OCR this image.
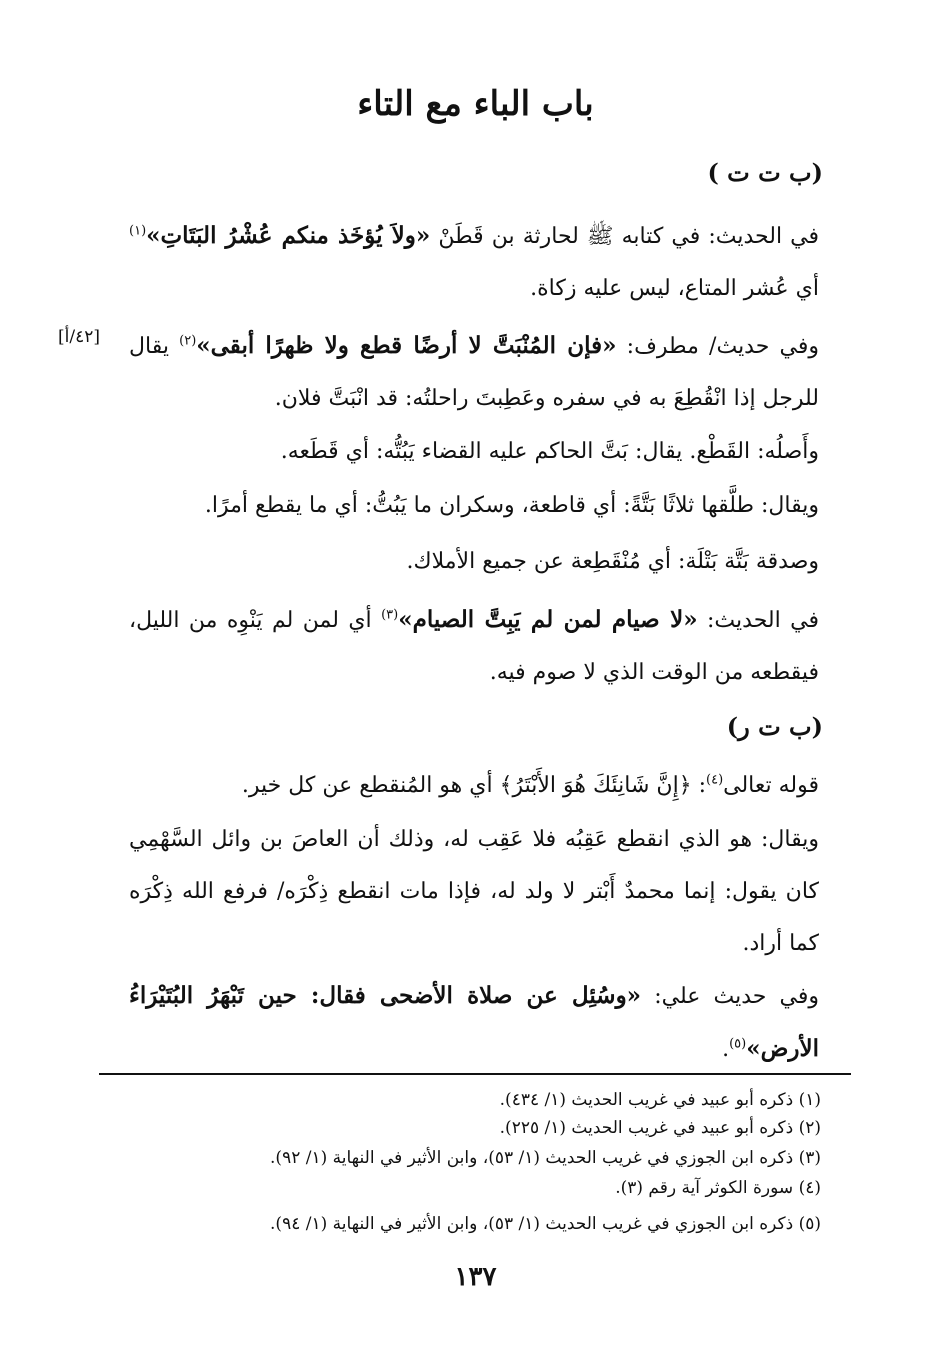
باب الباء مع التاء
(ب ت ت )
في الحديث: في كتابه ﷺ لحارثة بن قَطَنْ «ولاَ يُؤخَذ منكم عُشْرُ البَتَاتِ»$^{(١)}$ أي عُشر المتاع، ليس عليه زكاة.
وفي حديث/ مطرف: «فإن المُنْبَتَّ لا أرضًا قطع ولا ظهرًا أبقى»$^{(٢)}$ يقال للرجل إذا انْقُطِعَ به في سفره وعَطِبتَ راحلتُه: قد انْبَتَّ فلان.
[٤٢/أ]
وأَصلُه: القَطْع. يقال: بَتَّ الحاكم عليه القضاء يَبُتُّه: أي قَطَعه.
ويقال: طلَّقها ثلاثًا بَتَّةً: أي قاطعة، وسكران ما يَبُتُّ: أي ما يقطع أمرًا.
وصدقة بَتَّة بَتْلَة: أي مُنْقَطِعة عن جميع الأملاك.
في الحديث: «لا صيام لمن لم يَبِتَّ الصيام»$^{(٣)}$ أي لمن لم يَنْوِه من الليل، فيقطعه من الوقت الذي لا صوم فيه.
(ب ت ر)
قوله تعالى$^{(٤)}$: ﴿إِنَّ شَانِئَكَ هُوَ الأَبْتَرُ﴾ أي هو المُنقطع عن كل خير.
ويقال: هو الذي انقطع عَقِبُه فلا عَقِب له، وذلك أن العاصَ بن وائل السَّهْمِي كان يقول: إنما محمدٌ أَبْتر لا ولد له، فإذا مات انقطع ذِكْرَه/ فرفع الله ذِكْرَه كما أراد.
وفي حديث علي: «وسُئِل عن صلاة الأضحى فقال: حين تَبْهَرُ البُتَيْرَاءُ الأرض»$^{(٥)}$.
(١) ذكره أبو عبيد في غريب الحديث (١/ ٤٣٤).
(٢) ذكره أبو عبيد في غريب الحديث (١/ ٢٢٥).
(٣) ذكره ابن الجوزي في غريب الحديث (١/ ٥٣)، وابن الأثير في النهاية (١/ ٩٢).
(٤) سورة الكوثر آية رقم (٣).
(٥) ذكره ابن الجوزي في غريب الحديث (١/ ٥٣)، وابن الأثير في النهاية (١/ ٩٤).
١٣٧
